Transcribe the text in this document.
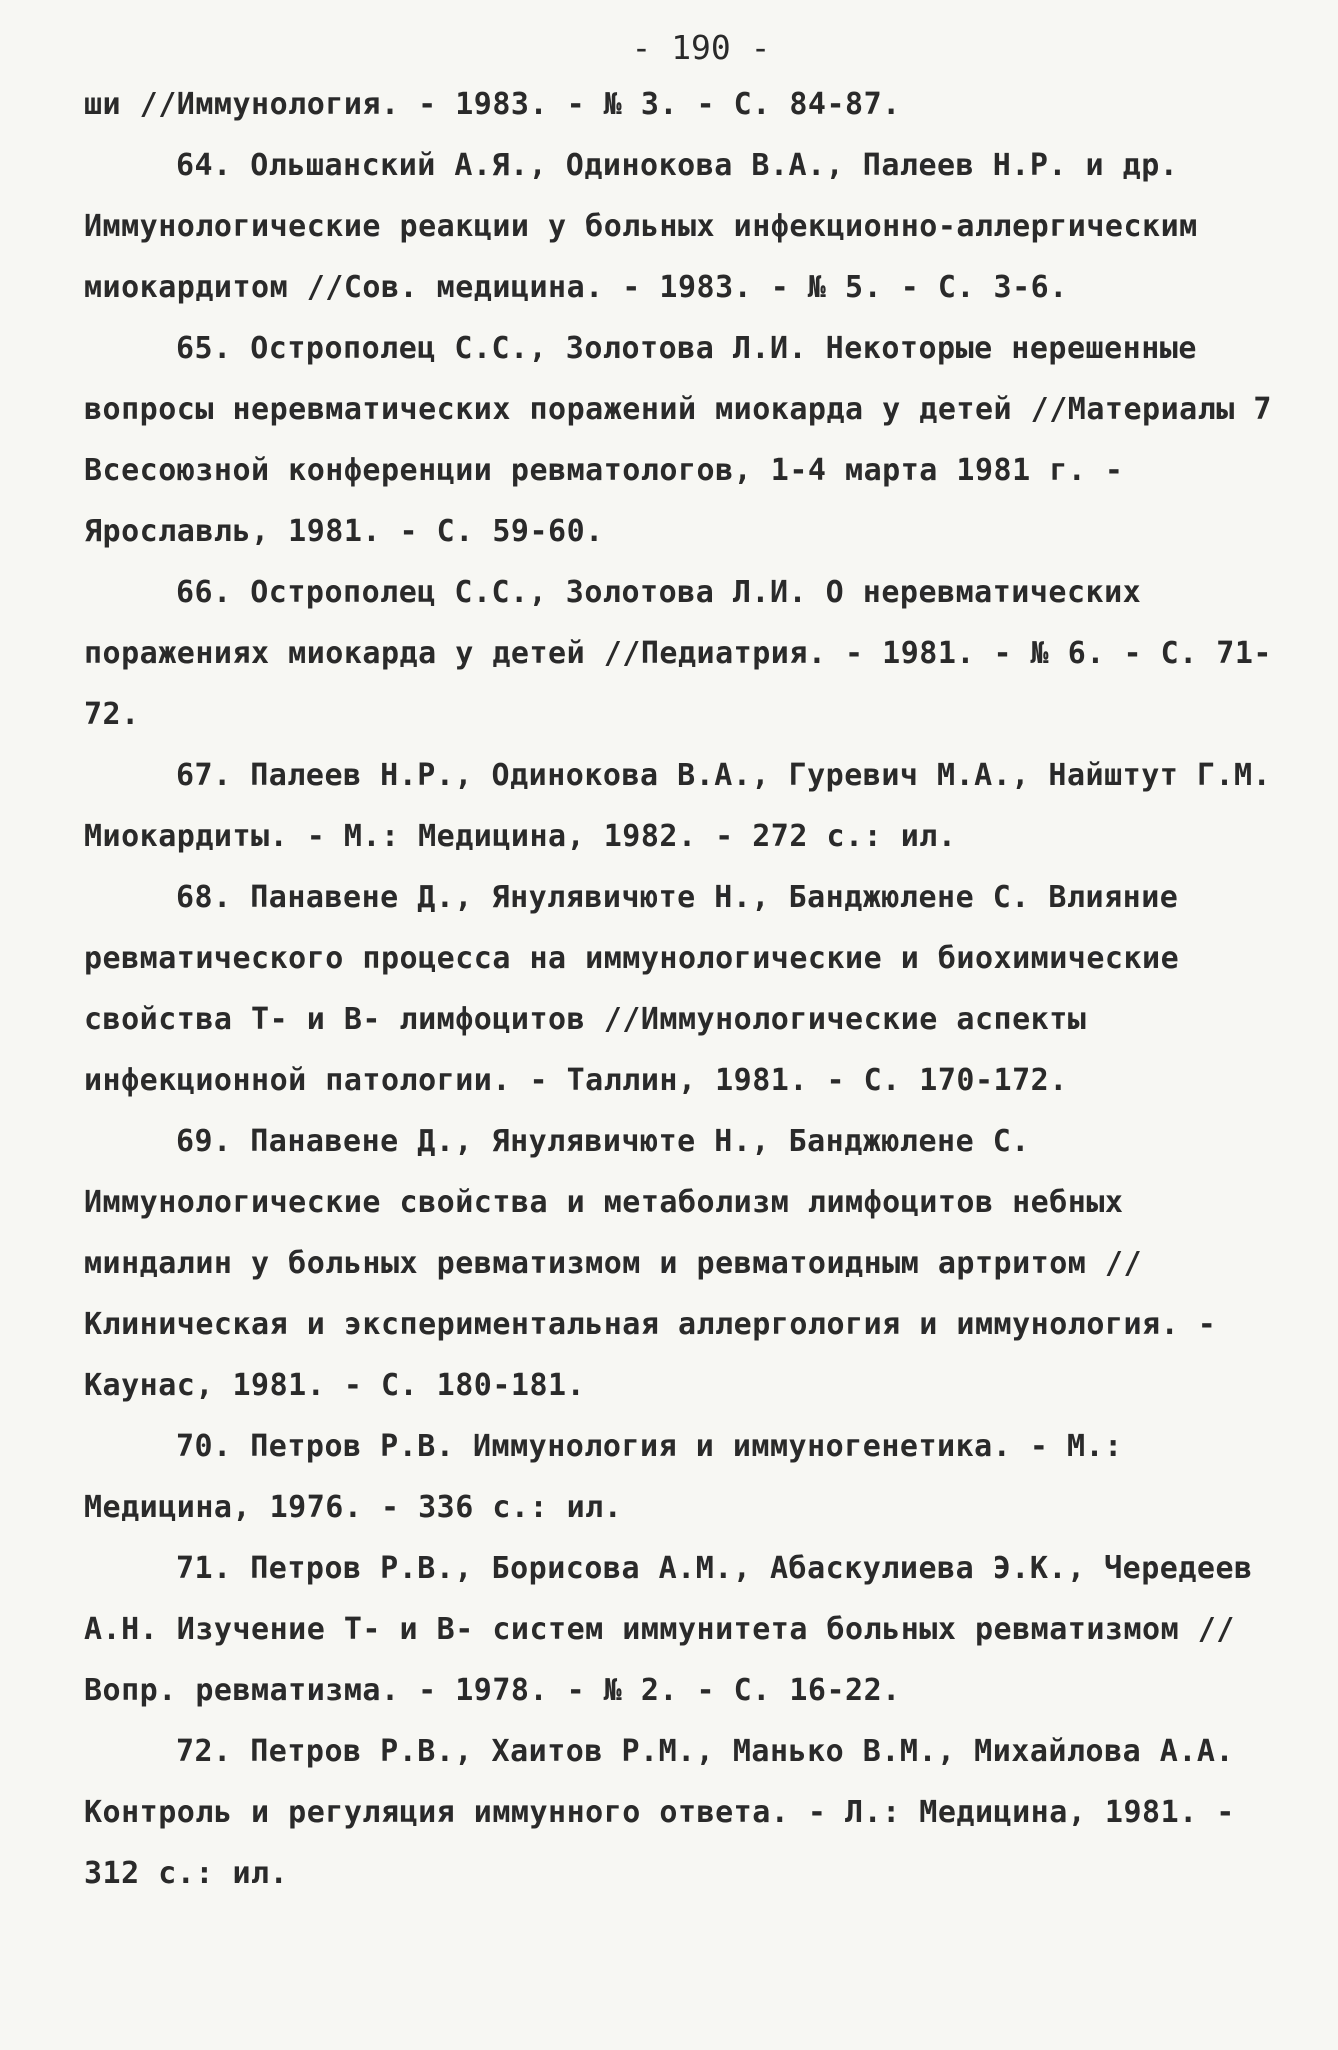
- 190 -

ши //Иммунология. - 1983. - № 3. - С. 84-87.

64. Ольшанский А.Я., Одинокова В.А., Палеев Н.Р. и др. Иммунологические реакции у больных инфекционно-аллергическим миокардитом //Сов. медицина. - 1983. - № 5. - С. 3-6.

65. Острополец С.С., Золотова Л.И. Некоторые нерешенные вопросы неревматических поражений миокарда у детей //Материалы 7 Всесоюзной конференции ревматологов, 1-4 марта 1981 г. - Ярославль, 1981. - С. 59-60.

66. Острополец С.С., Золотова Л.И. О неревматических поражениях миокарда у детей //Педиатрия. - 1981. - № 6. - С. 71-72.

67. Палеев Н.Р., Одинокова В.А., Гуревич М.А., Найштут Г.М. Миокардиты. - М.: Медицина, 1982. - 272 с.: ил.

68. Панавене Д., Янулявичюте Н., Банджюлене С. Влияние ревматического процесса на иммунологические и биохимические свойства Т- и В- лимфоцитов //Иммунологические аспекты инфекционной патологии. - Таллин, 1981. - С. 170-172.

69. Панавене Д., Янулявичюте Н., Банджюлене С. Иммунологические свойства и метаболизм лимфоцитов небных миндалин у больных ревматизмом и ревматоидным артритом //Клиническая и экспериментальная аллергология и иммунология. - Каунас, 1981. - С. 180-181.

70. Петров Р.В. Иммунология и иммуногенетика. - М.: Медицина, 1976. - 336 с.: ил.

71. Петров Р.В., Борисова А.М., Абаскулиева Э.К., Чередеев А.Н. Изучение Т- и В- систем иммунитета больных ревматизмом //Вопр. ревматизма. - 1978. - № 2. - С. 16-22.

72. Петров Р.В., Хаитов Р.М., Манько В.М., Михайлова А.А. Контроль и регуляция иммунного ответа. - Л.: Медицина, 1981. - 312 с.: ил.
